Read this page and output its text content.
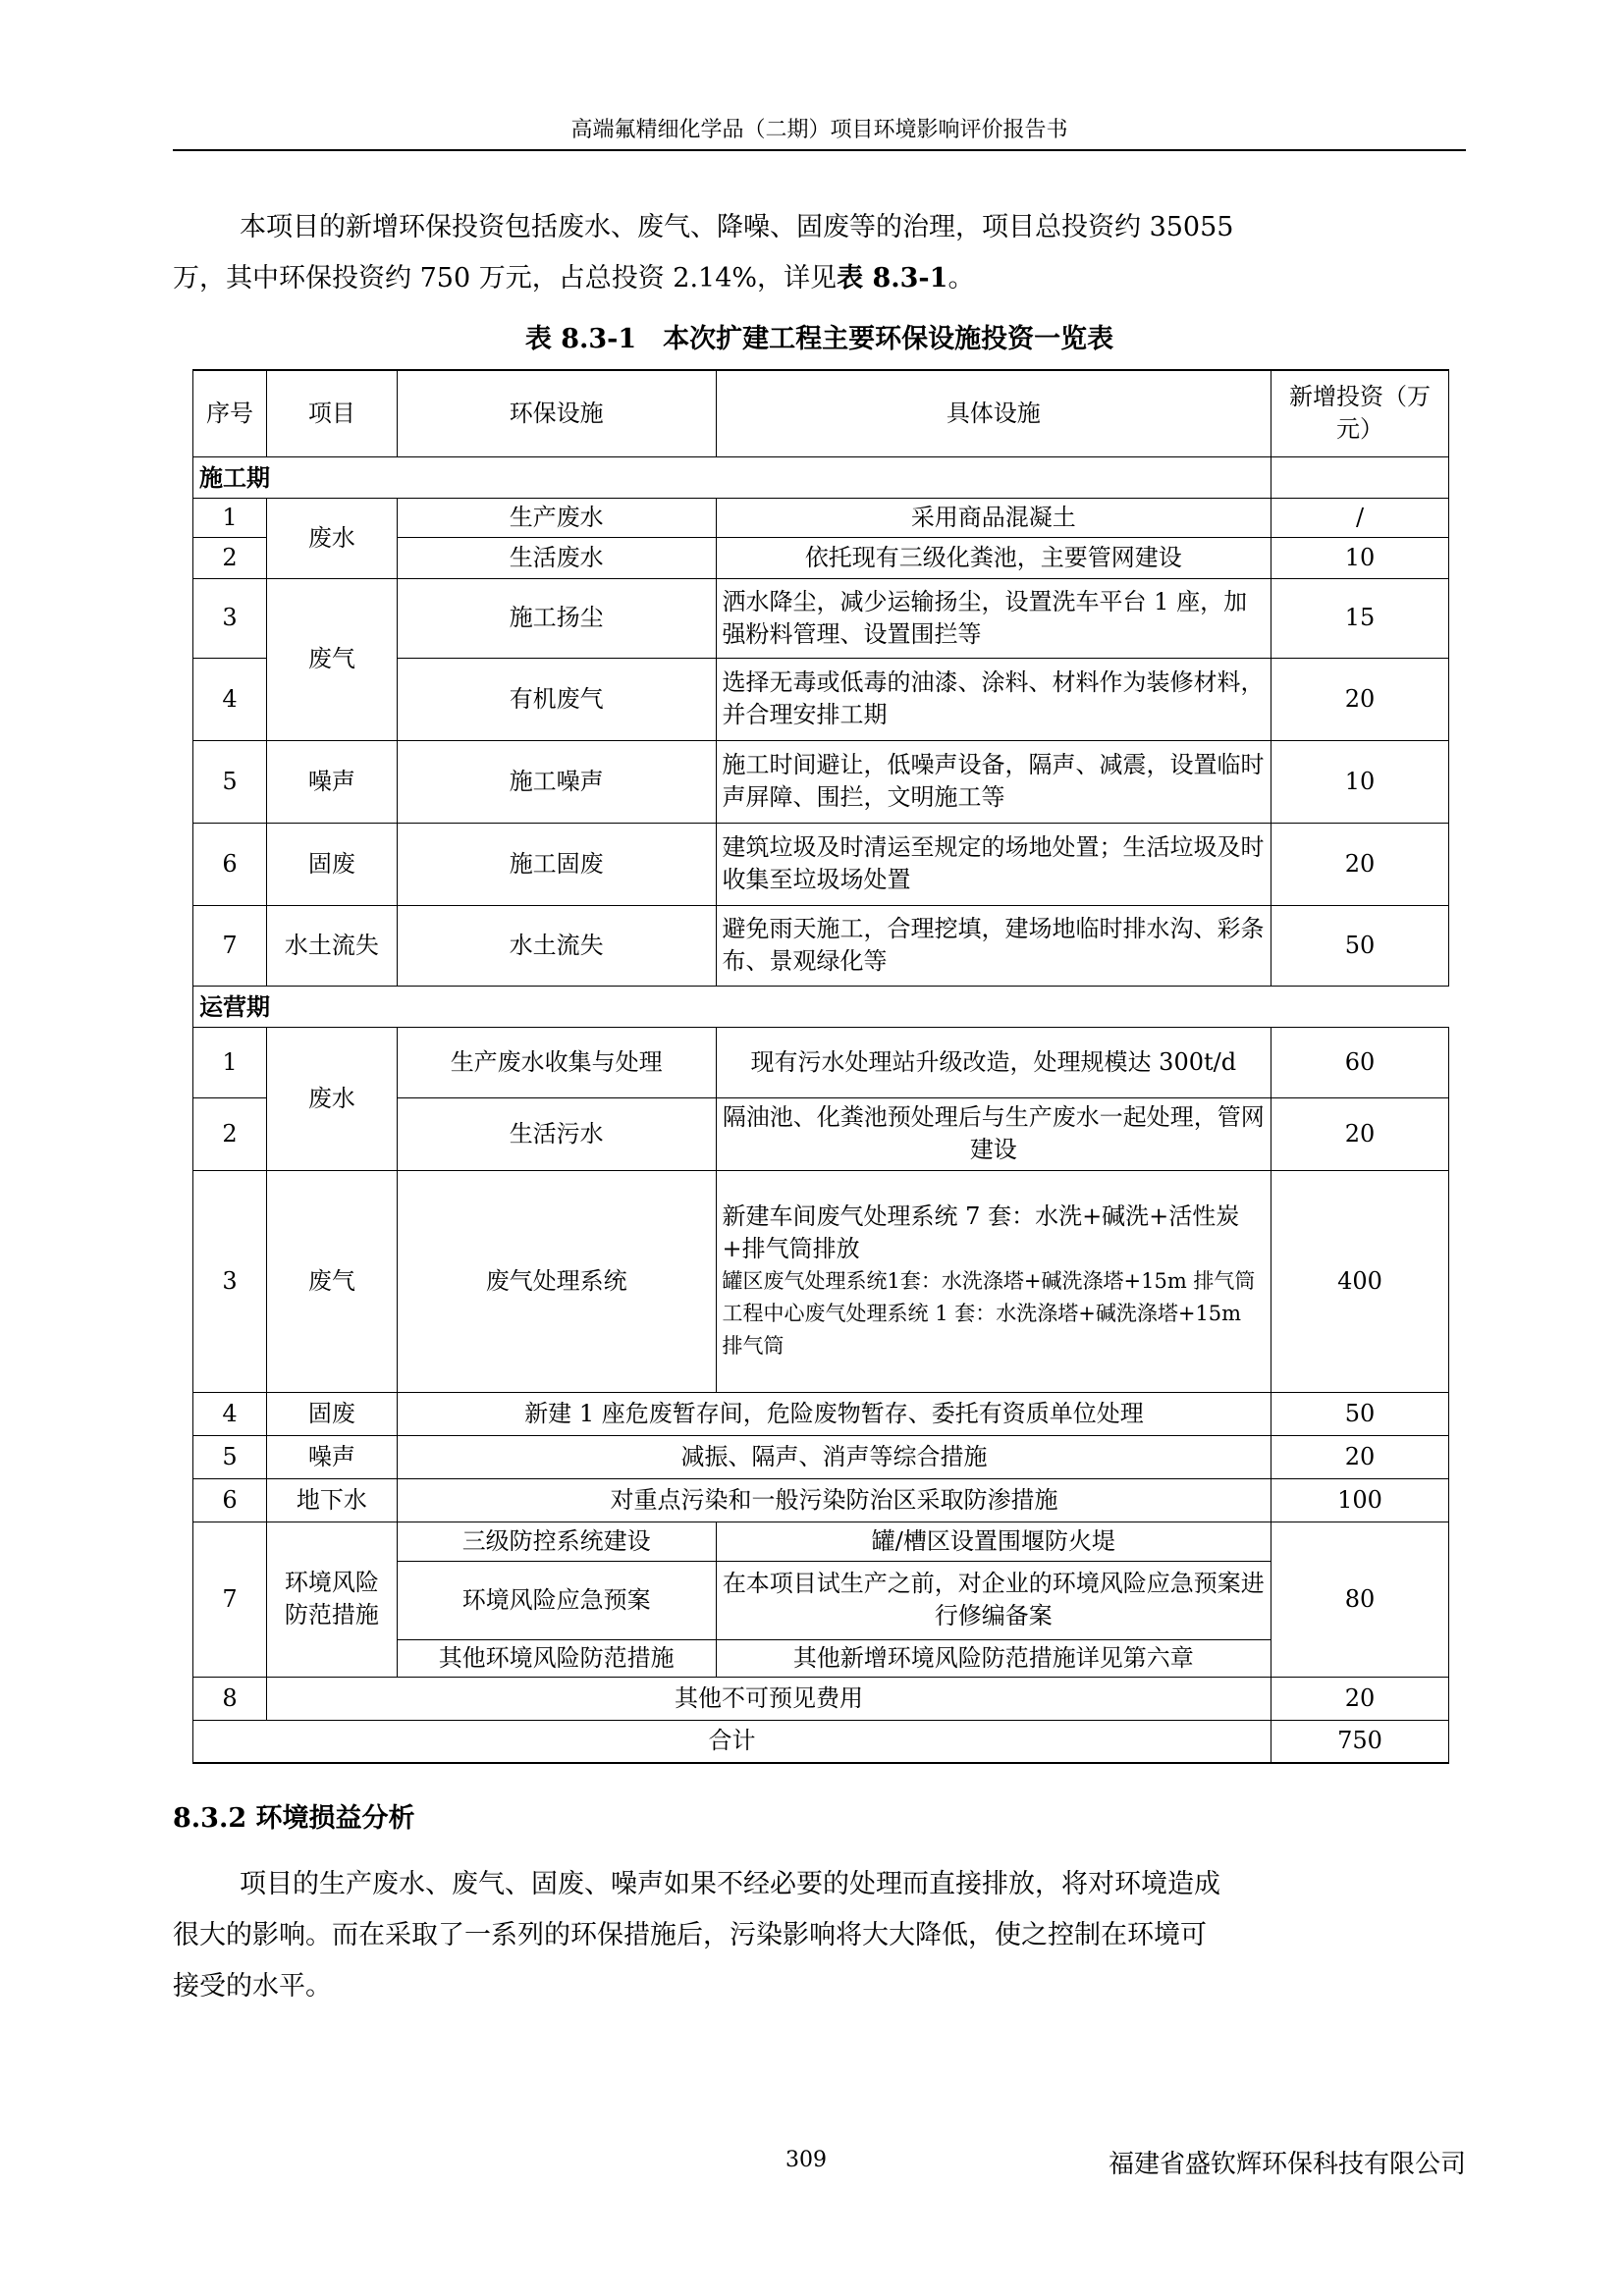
高端氟精细化学品（二期）项目环境影响评价报告书

本项目的新增环保投资包括废水、废气、降噪、固废等的治理，项目总投资约 35055

万，其中环保投资约 750 万元，占总投资 2.14%，详见表 8.3-1。

表 8.3-1　本次扩建工程主要环保设施投资一览表
序号	项目	环保设施	具体设施	新增投资（万元）
施工期				
1	废水	生产废水	采用商品混凝土	/
2		生活废水	依托现有三级化粪池，主要管网建设	10
3	废气	施工扬尘	洒水降尘，减少运输扬尘，设置洗车平台 1 座，加强粉料管理、设置围拦等	15
4		有机废气	选择无毒或低毒的油漆、涂料、材料作为装修材料，并合理安排工期	20
5	噪声	施工噪声	施工时间避让，低噪声设备，隔声、减震，设置临时声屏障、围拦，文明施工等	10
6	固废	施工固废	建筑垃圾及时清运至规定的场地处置；生活垃圾及时收集至垃圾场处置	20
7	水土流失	水土流失	避免雨天施工，合理挖填，建场地临时排水沟、彩条布、景观绿化等	50
运营期				
1	废水	生产废水收集与处理	现有污水处理站升级改造，处理规模达 300t/d	60
2		生活污水	隔油池、化粪池预处理后与生产废水一起处理，管网建设	20
3	废气	废气处理系统	新建车间废气处理系统 7 套：水洗+碱洗+活性炭+排气筒排放
罐区废气处理系统1套：水洗涤塔+碱洗涤塔+15m 排气筒
工程中心废气处理系统 1 套：水洗涤塔+碱洗涤塔+15m 排气筒	400
4	固废	新建 1 座危废暂存间，危险废物暂存、委托有资质单位处理		50
5	噪声	减振、隔声、消声等综合措施		20
6	地下水	对重点污染和一般污染防治区采取防渗措施		100
7	环境风险防范措施	三级防控系统建设	罐/槽区设置围堰防火堤	80
		环境风险应急预案	在本项目试生产之前，对企业的环境风险应急预案进行修编备案	
		其他环境风险防范措施	其他新增环境风险防范措施详见第六章	
8	其他不可预见费用			20
合计				750
8.3.2 环境损益分析

项目的生产废水、废气、固废、噪声如果不经必要的处理而直接排放，将对环境造成

很大的影响。而在采取了一系列的环保措施后，污染影响将大大降低，使之控制在环境可

接受的水平。

309	福建省盛钦辉环保科技有限公司
